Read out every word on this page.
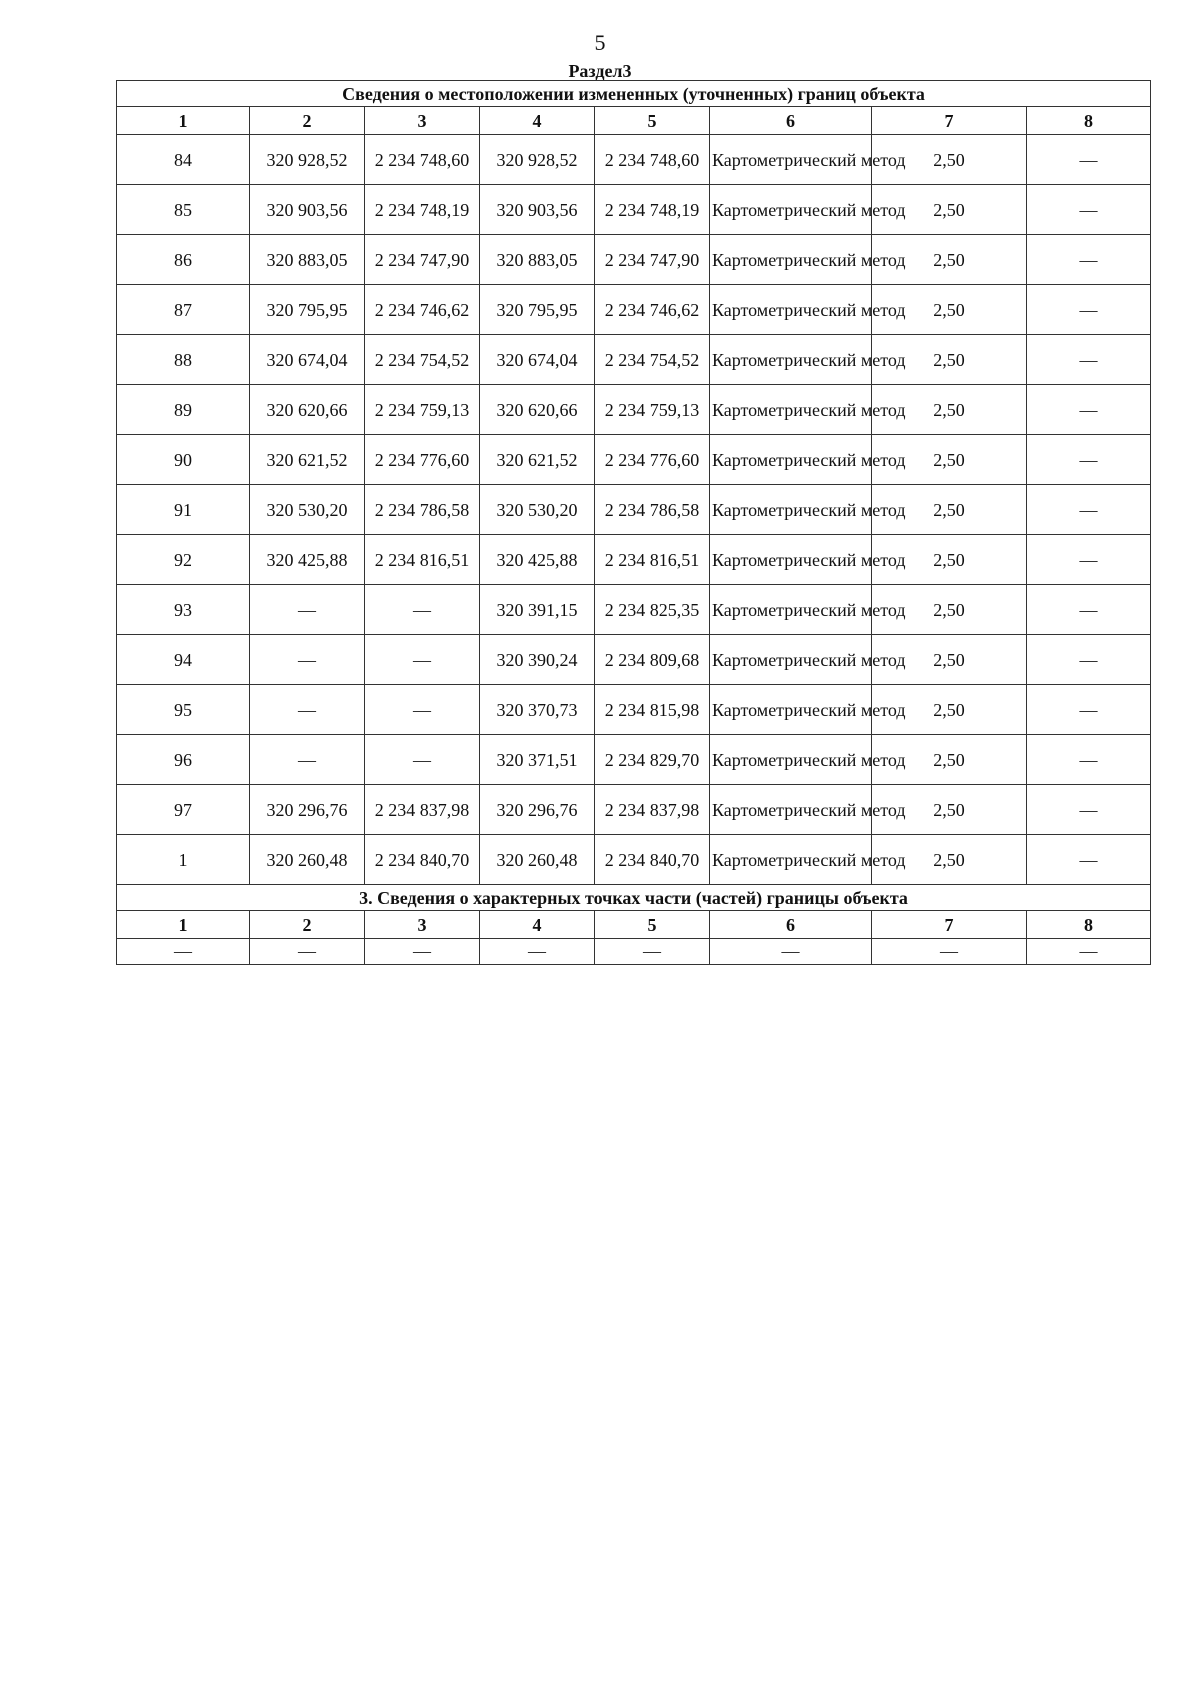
5
Раздел3
Сведения о местоположении измененных (уточненных) границ объекта							
1	2	3	4	5	6	7	8
84	320 928,52	2 234 748,60	320 928,52	2 234 748,60	Картометрический метод	2,50	—
85	320 903,56	2 234 748,19	320 903,56	2 234 748,19	Картометрический метод	2,50	—
86	320 883,05	2 234 747,90	320 883,05	2 234 747,90	Картометрический метод	2,50	—
87	320 795,95	2 234 746,62	320 795,95	2 234 746,62	Картометрический метод	2,50	—
88	320 674,04	2 234 754,52	320 674,04	2 234 754,52	Картометрический метод	2,50	—
89	320 620,66	2 234 759,13	320 620,66	2 234 759,13	Картометрический метод	2,50	—
90	320 621,52	2 234 776,60	320 621,52	2 234 776,60	Картометрический метод	2,50	—
91	320 530,20	2 234 786,58	320 530,20	2 234 786,58	Картометрический метод	2,50	—
92	320 425,88	2 234 816,51	320 425,88	2 234 816,51	Картометрический метод	2,50	—
93	—	—	320 391,15	2 234 825,35	Картометрический метод	2,50	—
94	—	—	320 390,24	2 234 809,68	Картометрический метод	2,50	—
95	—	—	320 370,73	2 234 815,98	Картометрический метод	2,50	—
96	—	—	320 371,51	2 234 829,70	Картометрический метод	2,50	—
97	320 296,76	2 234 837,98	320 296,76	2 234 837,98	Картометрический метод	2,50	—
1	320 260,48	2 234 840,70	320 260,48	2 234 840,70	Картометрический метод	2,50	—
3. Сведения о характерных точках части (частей) границы объекта							
1	2	3	4	5	6	7	8
—	—	—	—	—	—	—	—
